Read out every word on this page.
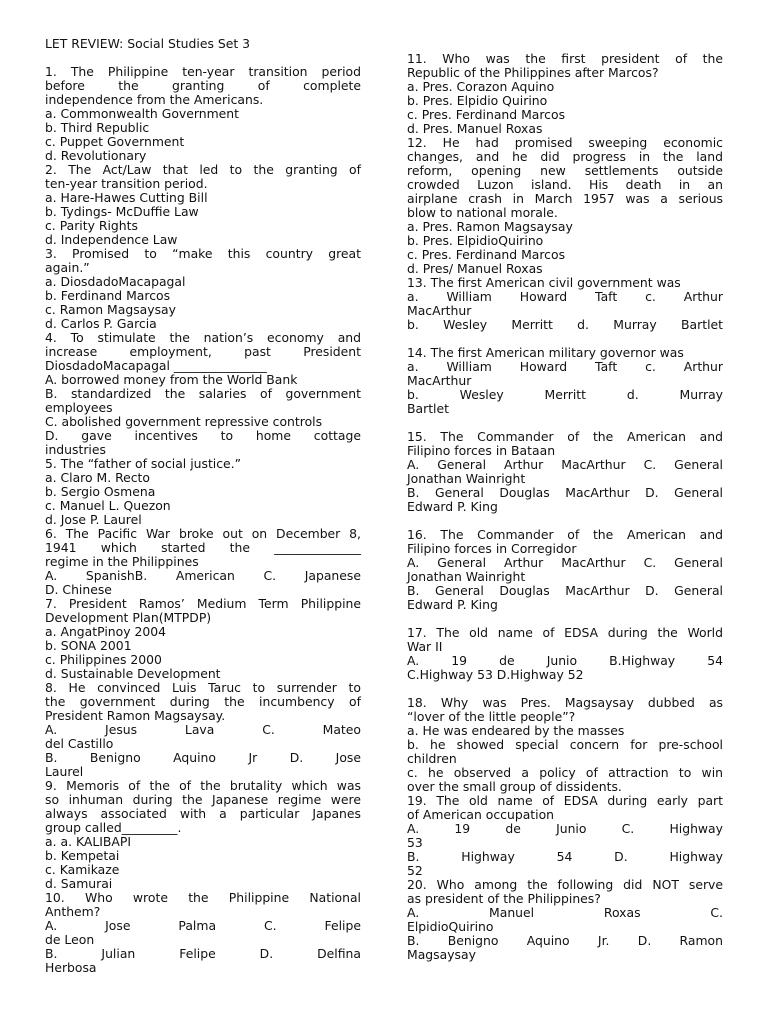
LET REVIEW: Social Studies Set 3
1. The Philippine ten-year transition period
before the granting of complete
independence from the Americans.
a. Commonwealth Government
b. Third Republic
c. Puppet Government
d. Revolutionary
2. The Act/Law that led to the granting of
ten-year transition period.
a. Hare-Hawes Cutting Bill
b. Tydings- McDuffie Law
c. Parity Rights
d. Independence Law
3. Promised to “make this country great
again.”
a. DiosdadoMacapagal
b. Ferdinand Marcos
c. Ramon Magsaysay
d. Carlos P. Garcia
4. To stimulate the nation’s economy and
increase employment, past President
DiosdadoMacapagal _______________
A. borrowed money from the World Bank
B. standardized the salaries of government
employees
C. abolished government repressive controls
D. gave incentives to home cottage
industries
5. The “father of social justice.”
a. Claro M. Recto
b. Sergio Osmena
c. Manuel L. Quezon
d. Jose P. Laurel
6. The Pacific War broke out on December 8,
1941 which started the ______________
regime in the Philippines
A. SpanishB. American C. Japanese
D. Chinese
7. President Ramos’ Medium Term Philippine
Development Plan(MTPDP)
a. AngatPinoy 2004
b. SONA 2001
c. Philippines 2000
d. Sustainable Development
8. He convinced Luis Taruc to surrender to
the government during the incumbency of
President Ramon Magsaysay.
A. Jesus Lava C. Mateo
del Castillo
B. Benigno Aquino Jr D. Jose
Laurel
9. Memoris of the of the brutality which was
so inhuman during the Japanese regime were
always associated with a particular Japanes
group called_________.
a. a. KALIBAPI
b. Kempetai
c. Kamikaze
d. Samurai
10. Who wrote the Philippine National
Anthem?
A. Jose Palma C. Felipe
de Leon
B. Julian Felipe D. Delfina
Herbosa
11. Who was the first president of the
Republic of the Philippines after Marcos?
a. Pres. Corazon Aquino
b. Pres. Elpidio Quirino
c. Pres. Ferdinand Marcos
d. Pres. Manuel Roxas
12. He had promised sweeping economic
changes, and he did progress in the land
reform, opening new settlements outside
crowded Luzon island. His death in an
airplane crash in March 1957 was a serious
blow to national morale.
a. Pres. Ramon Magsaysay
b. Pres. ElpidioQuirino
c. Pres. Ferdinand Marcos
d. Pres/ Manuel Roxas
13. The first American civil government was
a. William Howard Taft c. Arthur
MacArthur
b. Wesley Merritt d. Murray Bartlet
14. The first American military governor was
a. William Howard Taft c. Arthur
MacArthur
b. Wesley Merritt d. Murray
Bartlet
15. The Commander of the American and
Filipino forces in Bataan
A. General Arthur MacArthur C. General
Jonathan Wainright
B. General Douglas MacArthur D. General
Edward P. King
16. The Commander of the American and
Filipino forces in Corregidor
A. General Arthur MacArthur C. General
Jonathan Wainright
B. General Douglas MacArthur D. General
Edward P. King
17. The old name of EDSA during the World
War II
A. 19 de Junio B.Highway 54
C.Highway 53 D.Highway 52
18. Why was Pres. Magsaysay dubbed as
“lover of the little people”?
a. He was endeared by the masses
b. he showed special concern for pre-school
children
c. he observed a policy of attraction to win
over the small group of dissidents.
19. The old name of EDSA during early part
of American occupation
A. 19 de Junio C. Highway
53
B. Highway 54 D. Highway
52
20. Who among the following did NOT serve
as president of the Philippines?
A. Manuel Roxas C.
ElpidioQuirino
B. Benigno Aquino Jr. D. Ramon
Magsaysay
